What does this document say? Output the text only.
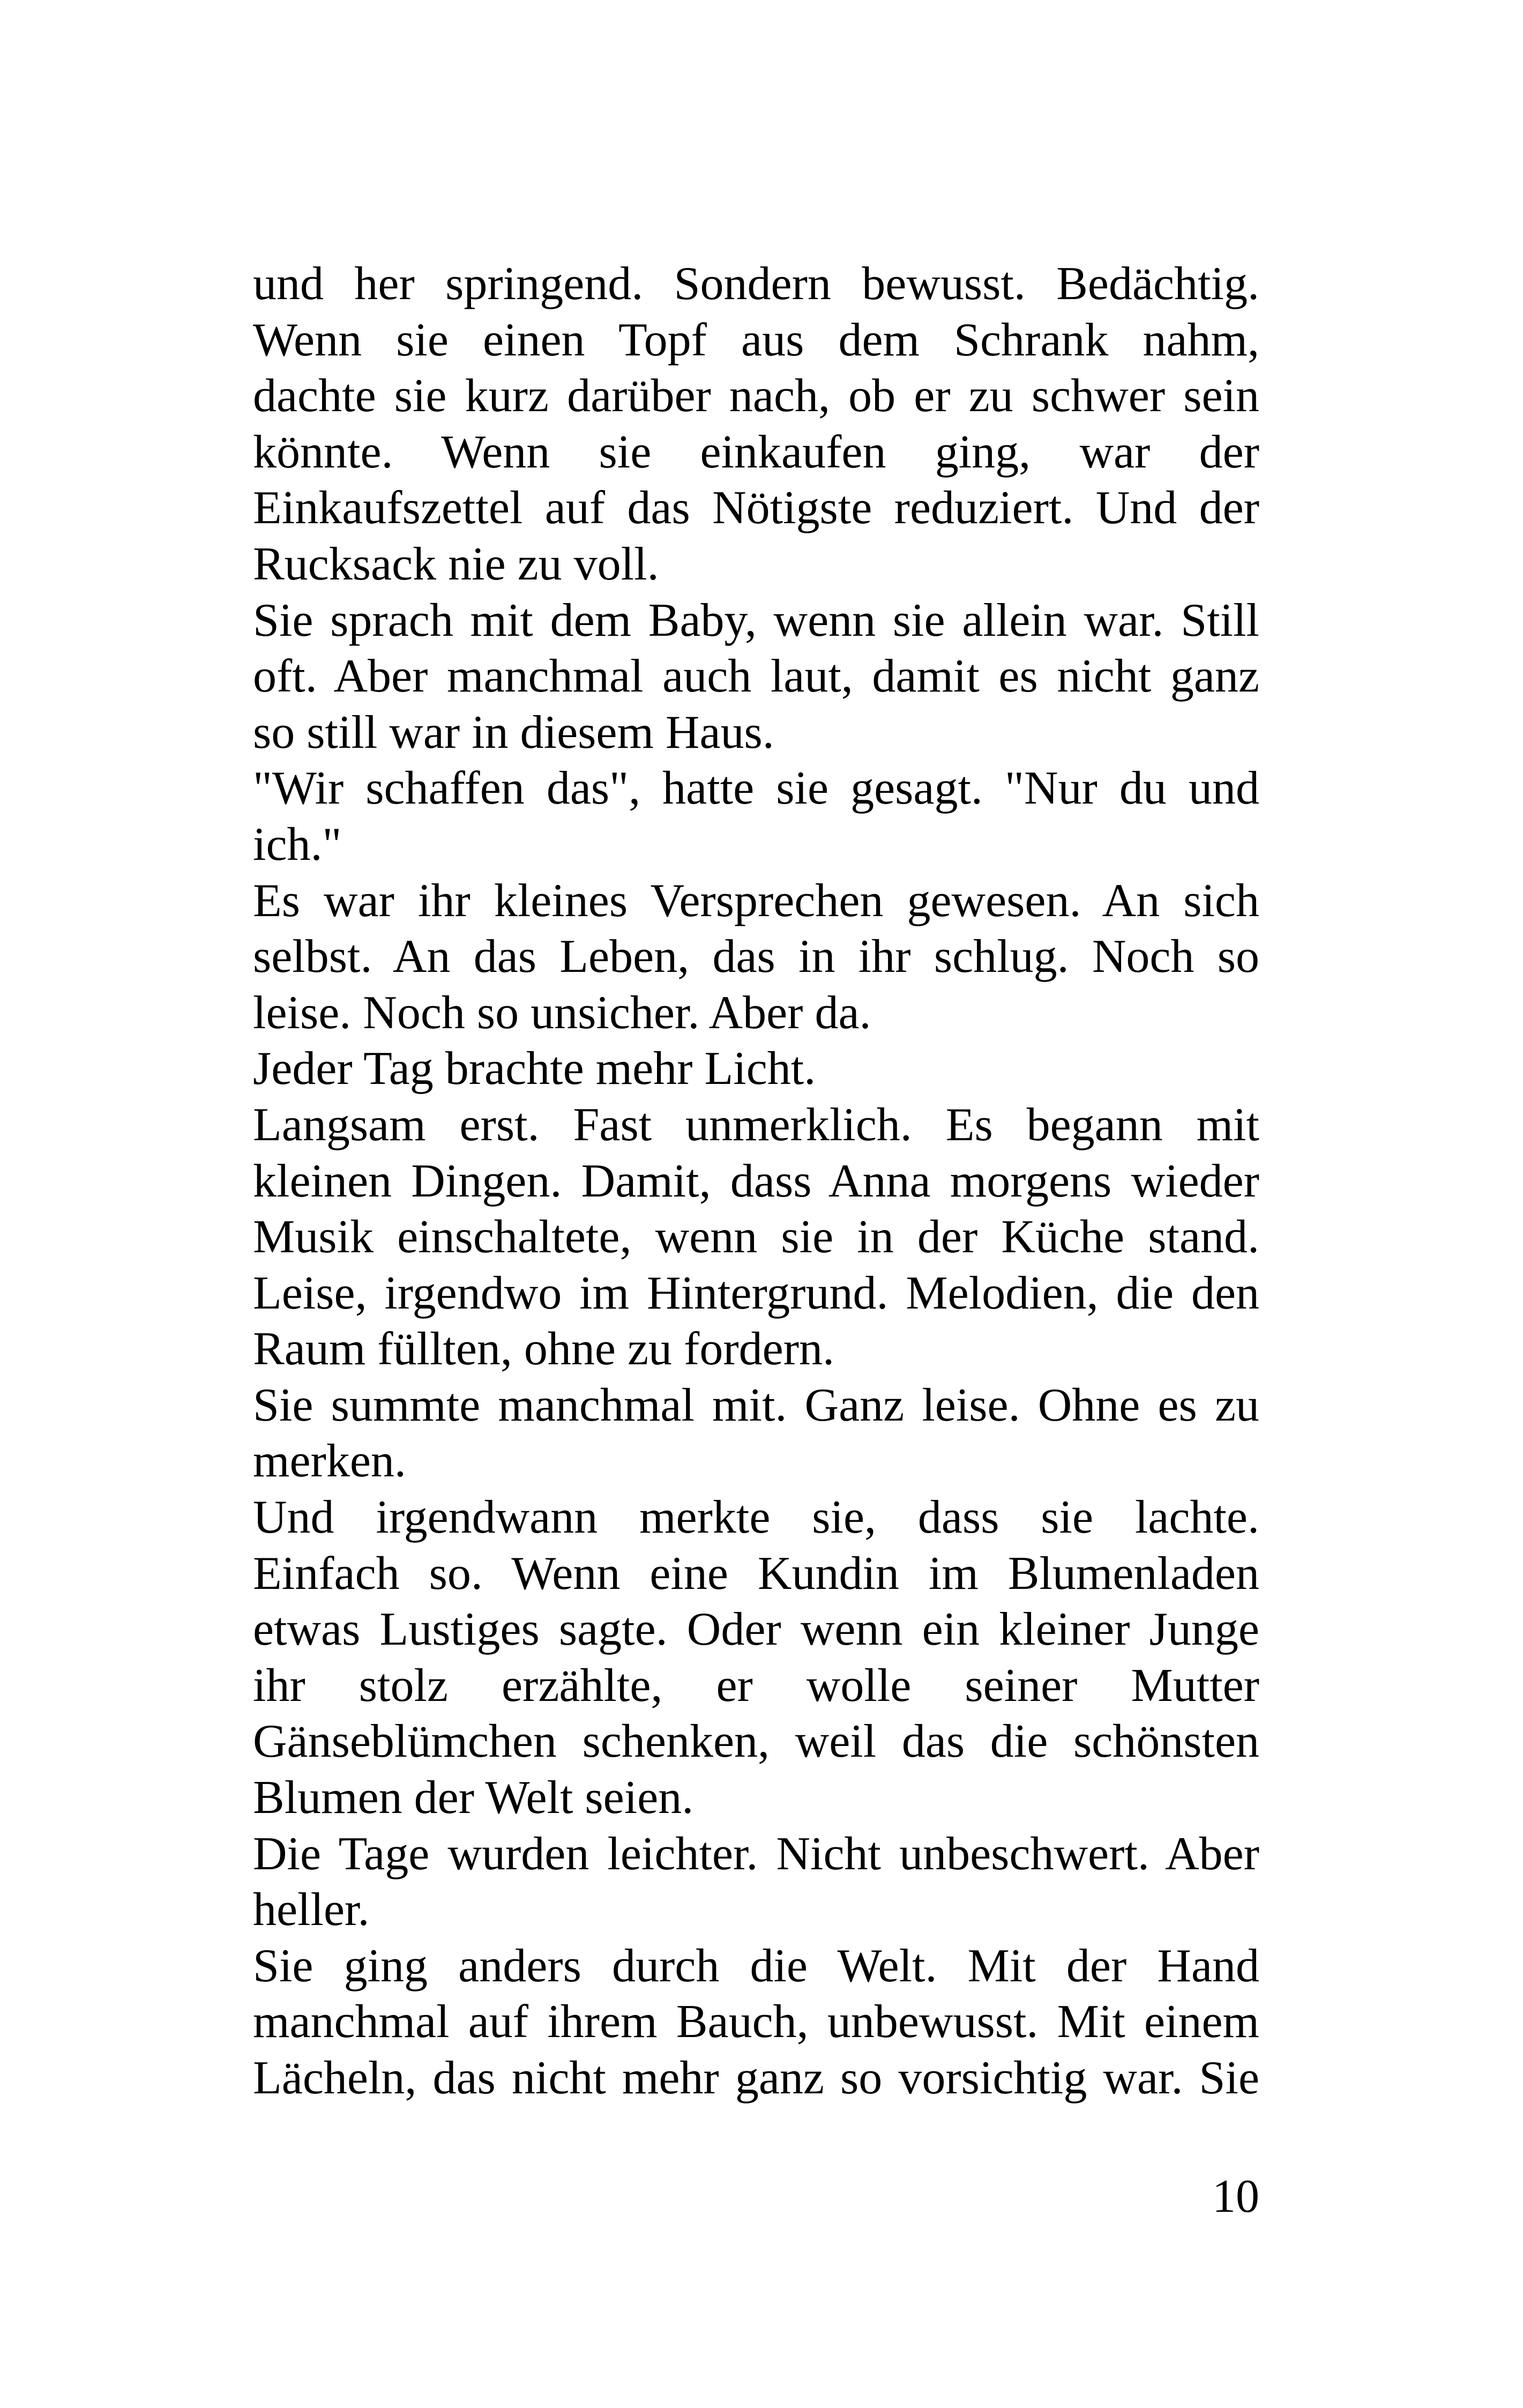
und her springend. Sondern bewusst. Bedächtig.
Wenn sie einen Topf aus dem Schrank nahm,
dachte sie kurz darüber nach, ob er zu schwer sein
könnte. Wenn sie einkaufen ging, war der
Einkaufszettel auf das Nötigste reduziert. Und der
Rucksack nie zu voll.
Sie sprach mit dem Baby, wenn sie allein war. Still
oft. Aber manchmal auch laut, damit es nicht ganz
so still war in diesem Haus.
"Wir schaffen das", hatte sie gesagt. "Nur du und
ich."
Es war ihr kleines Versprechen gewesen. An sich
selbst. An das Leben, das in ihr schlug. Noch so
leise. Noch so unsicher. Aber da.
Jeder Tag brachte mehr Licht.
Langsam erst. Fast unmerklich. Es begann mit
kleinen Dingen. Damit, dass Anna morgens wieder
Musik einschaltete, wenn sie in der Küche stand.
Leise, irgendwo im Hintergrund. Melodien, die den
Raum füllten, ohne zu fordern.
Sie summte manchmal mit. Ganz leise. Ohne es zu
merken.
Und irgendwann merkte sie, dass sie lachte.
Einfach so. Wenn eine Kundin im Blumenladen
etwas Lustiges sagte. Oder wenn ein kleiner Junge
ihr stolz erzählte, er wolle seiner Mutter
Gänseblümchen schenken, weil das die schönsten
Blumen der Welt seien.
Die Tage wurden leichter. Nicht unbeschwert. Aber
heller.
Sie ging anders durch die Welt. Mit der Hand
manchmal auf ihrem Bauch, unbewusst. Mit einem
Lächeln, das nicht mehr ganz so vorsichtig war. Sie
10
